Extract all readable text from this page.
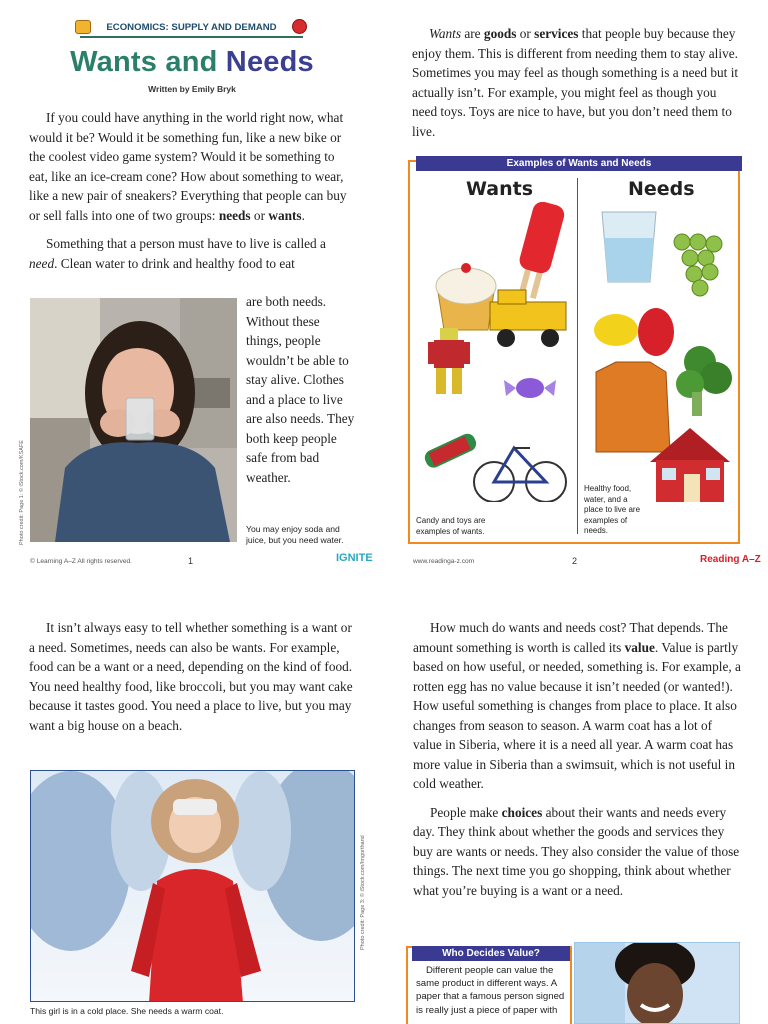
ECONOMICS: SUPPLY AND DEMAND
Wants and Needs
Written by Emily Bryk

If you could have anything in the world right now, what would it be? Would it be something fun, like a new bike or the coolest video game system? Would it be something to eat, like an ice-cream cone? How about something to wear, like a new pair of sneakers? Everything that people can buy or sell falls into one of two groups: needs or wants.

Something that a person must have to live is called a need. Clean water to drink and healthy food to eat

Photo credit: Page 1: © iStock.com/KSAFE
are both needs. Without these things, people wouldn’t be able to stay alive. Clothes and a place to live are also needs. They both keep people safe from bad weather.
You may enjoy soda and juice, but you need water.
© Learning A–Z All rights reserved.	1	IGNITE

Wants are goods or services that people buy because they enjoy them. This is different from needing them to stay alive. Sometimes you may feel as though something is a need but it actually isn’t. For example, you might feel as though you need toys. Toys are nice to have, but you don’t need them to live.

Examples of Wants and Needs
Wants	Needs
Candy and toys are examples of wants.
Healthy food, water, and a place to live are examples of needs.
www.readinga-z.com	2	Reading A–Z

It isn’t always easy to tell whether something is a want or a need. Sometimes, needs can also be wants. For example, food can be a want or a need, depending on the kind of food. You need healthy food, like broccoli, but you may want cake because it tastes good. You need a place to live, but you may want a big house on a beach.

Photo credit: Page 3: © iStock.com/Imgorthand
This girl is in a cold place. She needs a warm coat.

How much do wants and needs cost? That depends. The amount something is worth is called its value. Value is partly based on how useful, or needed, something is. For example, a rotten egg has no value because it isn’t needed (or wanted!). How useful something is changes from place to place. It also changes from season to season. A warm coat has a lot of value in Siberia, where it is a need all year. A warm coat has more value in Siberia than a swimsuit, which is not useful in cold weather.

People make choices about their wants and needs every day. They think about whether the goods and services they buy are wants or needs. They also consider the value of those things. The next time you go shopping, think about whether what you’re buying is a want or a need.

Who Decides Value?
Different people can value the same product in different ways. A paper that a famous person signed is really just a piece of paper with
